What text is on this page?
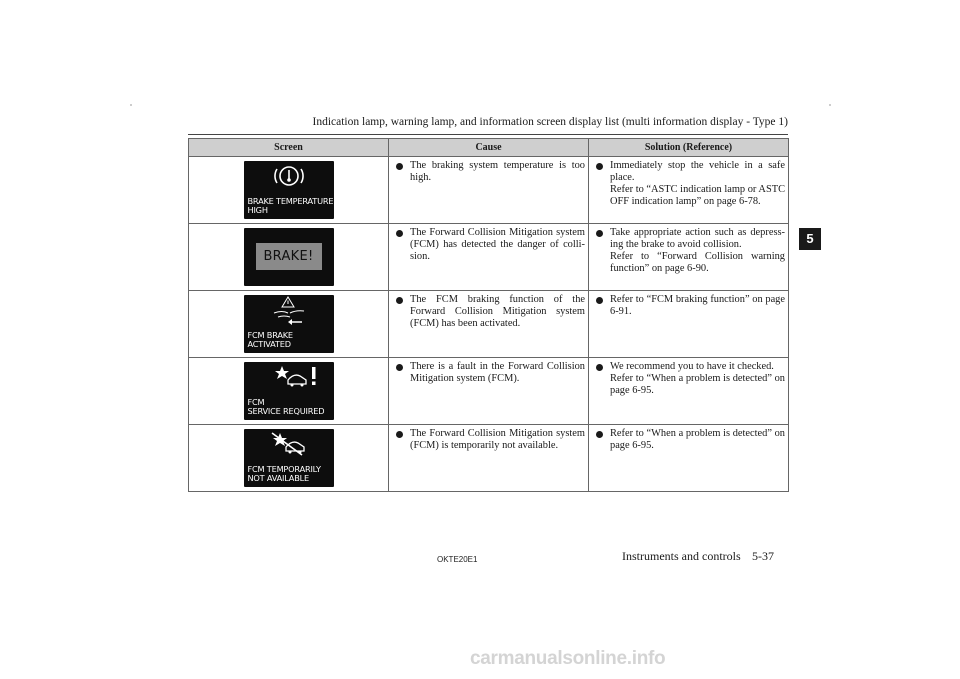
Indication lamp, warning lamp, and information screen display list (multi information display - Type 1)
Screen	Cause	Solution (Reference)

BRAKE TEMPERATURE
HIGH	The braking system temperature is too high.	Immediately stop the vehicle in a safe place.
Refer to “ASTC indication lamp or ASTC OFF indication lamp” on page 6-78.

BRAKE!	The Forward Collision Mitigation system (FCM) has detected the danger of colli-sion.	Take appropriate action such as depress-ing the brake to avoid collision.
Refer to “Forward Collision warning function” on page 6-90.

FCM BRAKE
ACTIVATED	The FCM braking function of the Forward Collision Mitigation system (FCM) has been activated.	Refer to “FCM braking function” on page 6-91.

FCM
SERVICE REQUIRED	There is a fault in the Forward Collision Mitigation system (FCM).	We recommend you to have it checked.
Refer to “When a problem is detected” on page 6-95.

FCM TEMPORARILY
NOT AVAILABLE	The Forward Collision Mitigation system (FCM) is temporarily not available.	Refer to “When a problem is detected” on page 6-95.
5
OKTE20E1	Instruments and controls 5-37
carmanualsonline.info
